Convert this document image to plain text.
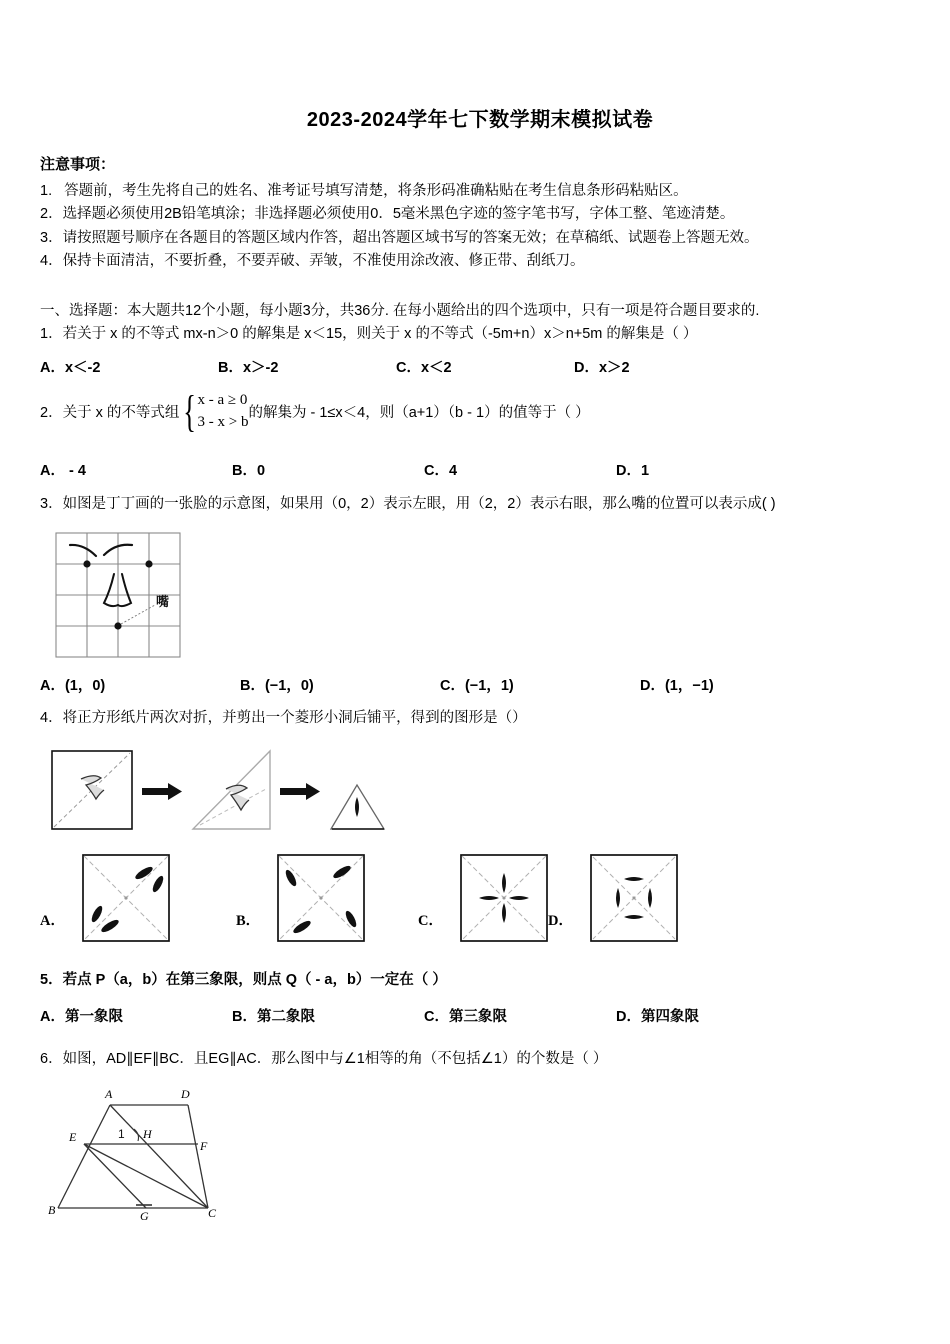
2023-2024学年七下数学期末模拟试卷
注意事项：
1.   答题前，考生先将自己的姓名、准考证号填写清楚，将条形码准确粘贴在考生信息条形码粘贴区。
2．选择题必须使用2B铅笔填涂；非选择题必须使用0．5毫米黑色字迹的签字笔书写，字体工整、笔迹清楚。
3．请按照题号顺序在各题目的答题区域内作答，超出答题区域书写的答案无效；在草稿纸、试题卷上答题无效。
4．保持卡面清洁，不要折叠，不要弄破、弄皱，不准使用涂改液、修正带、刮纸刀。
一、选择题：本大题共12个小题，每小题3分，共36分. 在每小题给出的四个选项中，只有一项是符合题目要求的.
1．若关于 x 的不等式 mx-n＞0 的解集是 x＜15，则关于 x 的不等式（-5m+n）x＞n+5m 的解集是（ ）
A．x＜-2	B．x＞-2	C．x＜2	D．x＞2
2．关于 x 的不等式组 { x - a ≥ 0
3 - x > b
的解集为 - 1≤x＜4，则（a+1）（b - 1）的值等于（ ）
A． - 4	B．0	C．4	D．1
3．如图是丁丁画的一张脸的示意图，如果用（0，2）表示左眼，用（2，2）表示右眼，那么嘴的位置可以表示成( )
嘴
A．(1，0)	B．(−1，0)	C．(−1，1)	D．(1，−1)
4．将正方形纸片两次对折，并剪出一个菱形小洞后铺平，得到的图形是（）
A．	B．	C．	D．
5．若点 P（a，b）在第三象限，则点 Q（ - a，b）一定在（ ）
A．第一象限	B．第二象限	C．第三象限	D．第四象限
6．如图，AD∥EF∥BC．且EG∥AC．那么图中与∠1相等的角（不包括∠1）的个数是（ ）
A	D
E	H
F
B	G	C
1
